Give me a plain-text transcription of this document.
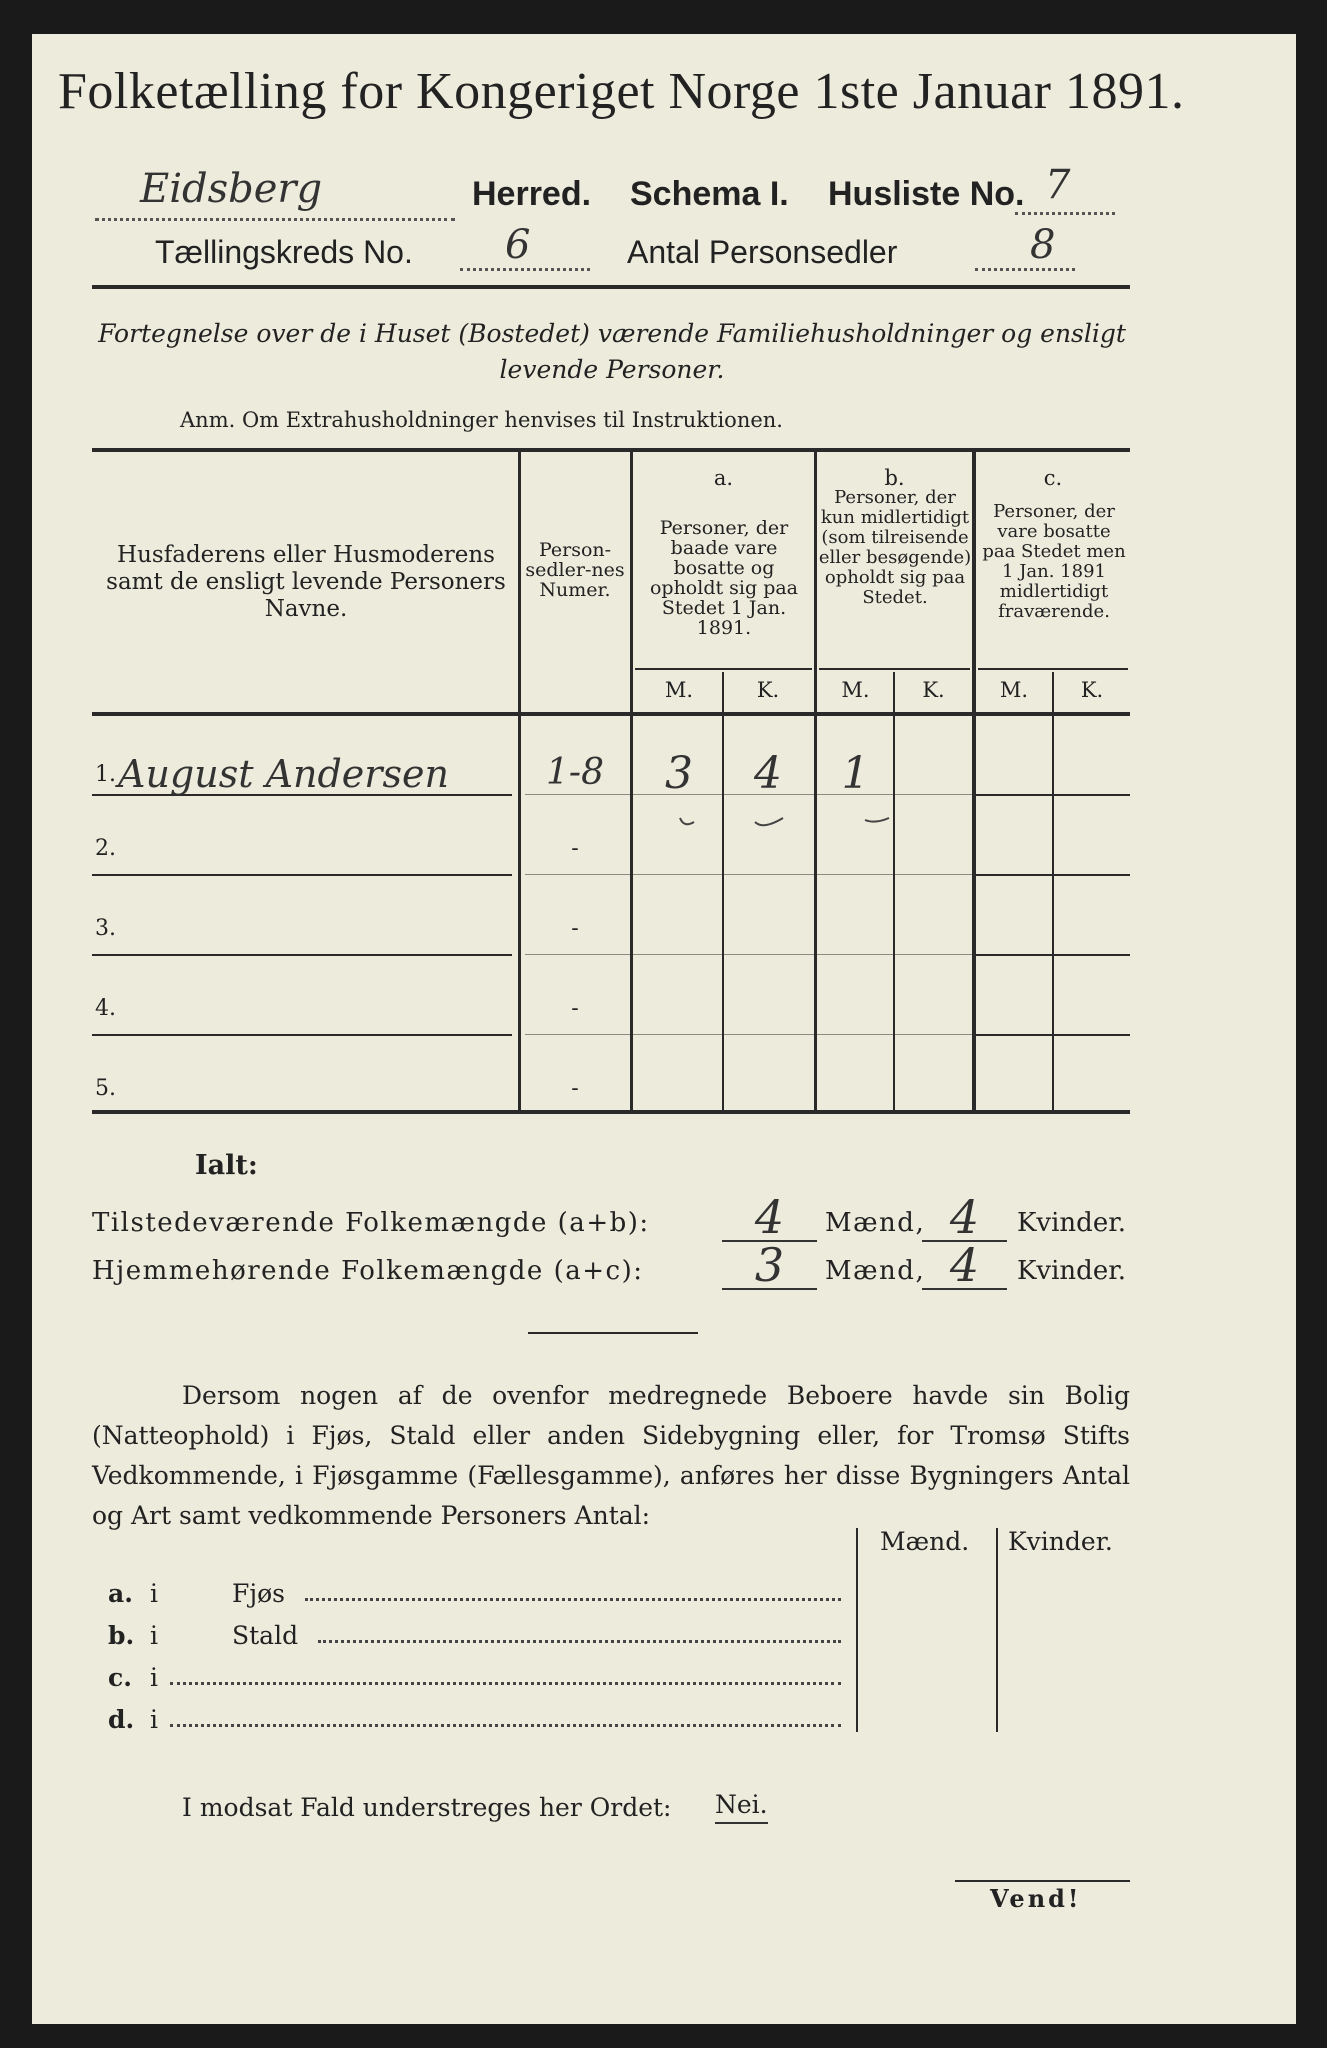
Folketælling for Kongeriget Norge 1ste Januar 1891.
Eidsberg	Herred. Schema I. Husliste No. 7
Tællingskreds No. 6	Antal Personsedler	8
Fortegnelse over de i Huset (Bostedet) værende Familiehusholdninger og ensligt levende Personer.
Anm. Om Extrahusholdninger henvises til Instruktionen.
Husfaderens eller Husmoderens samt de ensligt levende Personers Navne.
Person-sedler-nes Numer.
a.
Personer, der baade vare bosatte og opholdt sig paa Stedet 1 Jan. 1891.
b.
Personer, der kun midlertidigt (som tilreisende eller besøgende) opholdt sig paa Stedet.
c.
Personer, der vare bosatte paa Stedet men 1 Jan. 1891 midlertidigt fraværende.
M.	K.	M.	K.	M.	K.
1. August Andersen	1-8	3	4	1
2.	-
3.	-
4.	-
5.	-
Ialt:
Tilstedeværende Folkemængde (a+b):	4	Mænd, 4	Kvinder.
Hjemmehørende Folkemængde (a+c):	3	Mænd, 4	Kvinder.
Dersom nogen af de ovenfor medregnede Beboere havde sin Bolig (Natteophold) i Fjøs, Stald eller anden Sidebygning eller, for Tromsø Stifts Vedkommende, i Fjøsgamme (Fællesgamme), anføres her disse Bygningers Antal og Art samt vedkommende Personers Antal:
Mænd. Kvinder.
a. i	Fjøs
b. i	Stald
c. i
d. i
I modsat Fald understreges her Ordet: Nei.
Vend!
